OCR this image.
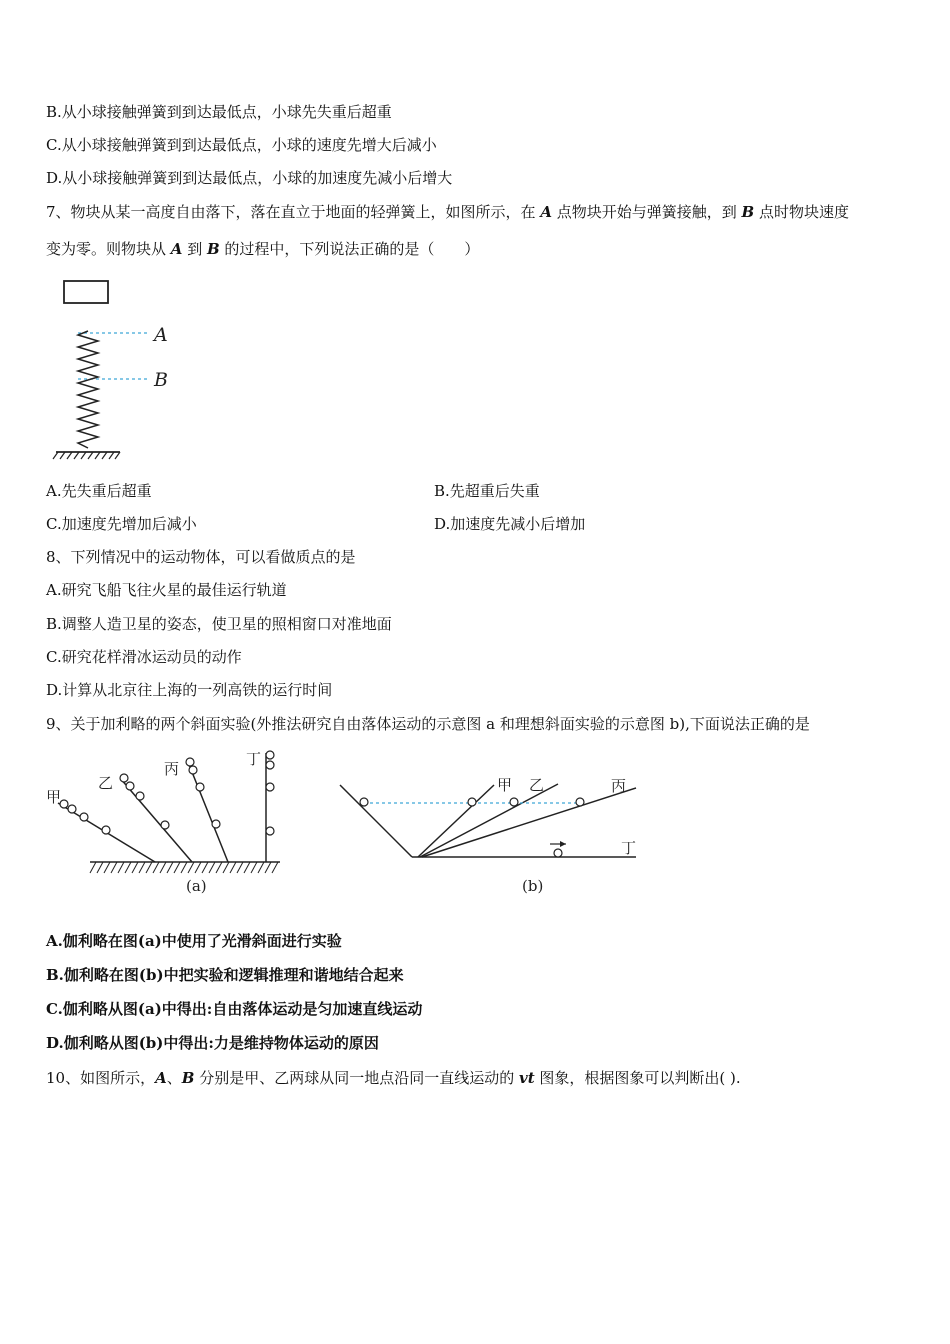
B.从小球接触弹簧到到达最低点，小球先失重后超重
C.从小球接触弹簧到到达最低点，小球的速度先增大后减小
D.从小球接触弹簧到到达最低点，小球的加速度先减小后增大
7、物块从某一高度自由落下，落在直立于地面的轻弹簧上，如图所示，在 A 点物块开始与弹簧接触，到 B 点时物块速度
变为零。则物块从 A 到 B 的过程中，下列说法正确的是（　　）
A
B
A.先失重后超重	B.先超重后失重
C.加速度先增加后减小	D.加速度先减小后增加
8、下列情况中的运动物体，可以看做质点的是
A.研究飞船飞往火星的最佳运行轨道
B.调整人造卫星的姿态，使卫星的照相窗口对准地面
C.研究花样滑冰运动员的动作
D.计算从北京往上海的一列高铁的运行时间
9、关于加利略的两个斜面实验(外推法研究自由落体运动的示意图 a 和理想斜面实验的示意图 b),下面说法正确的是
甲
乙
丙
丁
(a)
甲 乙	丙
丁
(b)
A.伽利略在图(a)中使用了光滑斜面进行实验
B.伽利略在图(b)中把实验和逻辑推理和谐地结合起来
C.伽利略从图(a)中得出:自由落体运动是匀加速直线运动
D.伽利略从图(b)中得出:力是维持物体运动的原因
10、如图所示，A、B 分别是甲、乙两球从同一地点沿同一直线运动的 vt 图象，根据图象可以判断出( ).
